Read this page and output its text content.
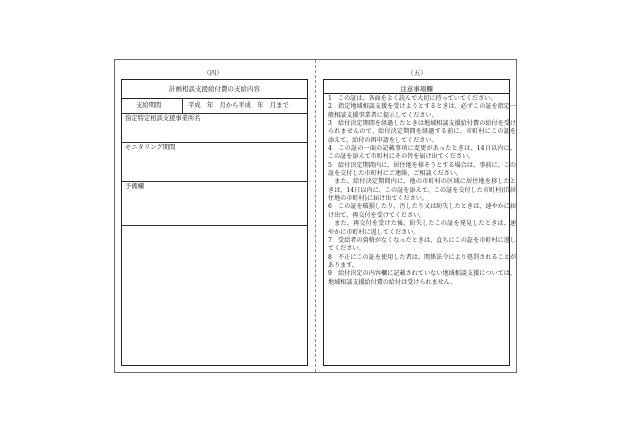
（四）
計画相談支援給付費の支給内容
支給期間	平成　年　月から平成　年　月まで
指定特定相談支援事業所名
モニタリング期間
予備欄
（五）
注意事項欄

1　この証は、各面をよく読んで大切に持っていてください。

2　指定地域相談支援を受けようとするときは、必ずこの証を指定一般相談支援事業者に提示してください。

3　給付決定期間を経過したときは地域相談支援給付費の給付を受けられませんので、給付決定期間を経過する前に、市町村にこの証を添えて、給付の再申請をしてください。

4　この証の一面の記載事項に変更があったときは、14日以内に、この証を添えて市町村にその旨を届け出てください。

5　給付決定期間内に、居住地を移そうとする場合は、事前に、この証を交付した市町村にご連絡、ご相談ください。

　また、給付決定期間内に、他の市町村の区域に居住地を移したときは、14日以内に、この証を添えて、この証を交付した市町村(旧居住地の市町村)に届け出てください。

6　この証を破損したり、汚したり又は紛失したときは、速やかに届け出て、再交付を受けてください。

　また、再交付を受けた後、紛失したこの証を発見したときは、速やかに市町村に返してください。

7　受給者の資格がなくなったときは、直ちにこの証を市町村に返してください。

8　不正にこの証を使用した者は、関係法令により処罰されることがあります。

9　給付決定の内容欄に記載されていない地域相談支援については、地域相談支援給付費の給付は受けられません。
